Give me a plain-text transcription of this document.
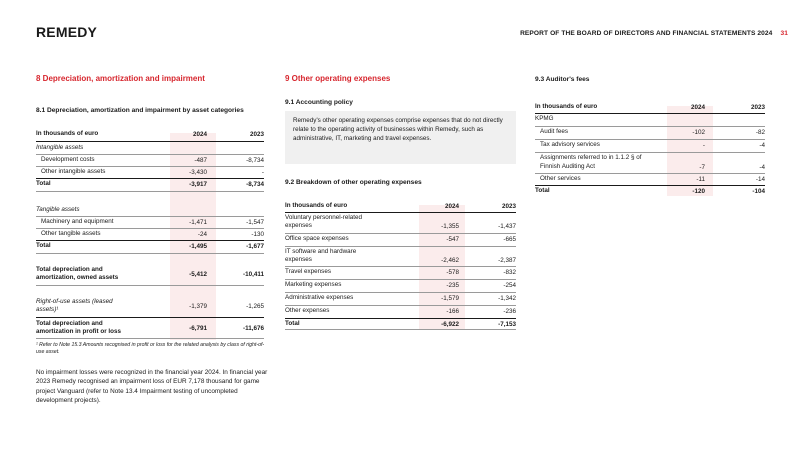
REMEDY	REPORT OF THE BOARD OF DIRECTORS AND FINANCIAL STATEMENTS 2024 31
8 Depreciation, amortization and impairment
8.1 Depreciation, amortization and impairment by asset categories
In thousands of euro	2024	2023
Intangible assets
Development costs	-487	-8,734
Other intangible assets	-3,430	-
Total	-3,917	-8,734
Tangible assets
Machinery and equipment	-1,471	-1,547
Other tangible assets	-24	-130
Total	-1,495	-1,677
Total depreciation and amortization, owned assets	-5,412	-10,411
Right-of-use assets (leased assets)¹	-1,379	-1,265
Total depreciation and amortization in profit or loss	-6,791	-11,676
¹ Refer to Note 15.3 Amounts recognised in profit or loss for the related analysis by class of right-of-use asset.
No impairment losses were recognized in the financial year 2024. In financial year 2023 Remedy recognised an impairment loss of EUR 7,178 thousand for game project Vanguard (refer to Note 13.4 Impairment testing of uncompleted development projects).
9 Other operating expenses
9.1 Accounting policy
Remedy's other operating expenses comprise expenses that do not directly relate to the operating activity of businesses within Remedy, such as administrative, IT, marketing and travel expenses.
9.2 Breakdown of other operating expenses
In thousands of euro	2024	2023
Voluntary personnel-related expenses	-1,355	-1,437
Office space expenses	-547	-665
IT software and hardware expenses	-2,462	-2,387
Travel expenses	-578	-832
Marketing expenses	-235	-254
Administrative expenses	-1,579	-1,342
Other expenses	-166	-236
Total	-6,922	-7,153
9.3 Auditor's fees
In thousands of euro	2024	2023
KPMG
Audit fees	-102	-82
Tax advisory services	-	-4
Assignments referred to in 1.1.2 § of Finnish Auditing Act	-7	-4
Other services	-11	-14
Total	-120	-104
